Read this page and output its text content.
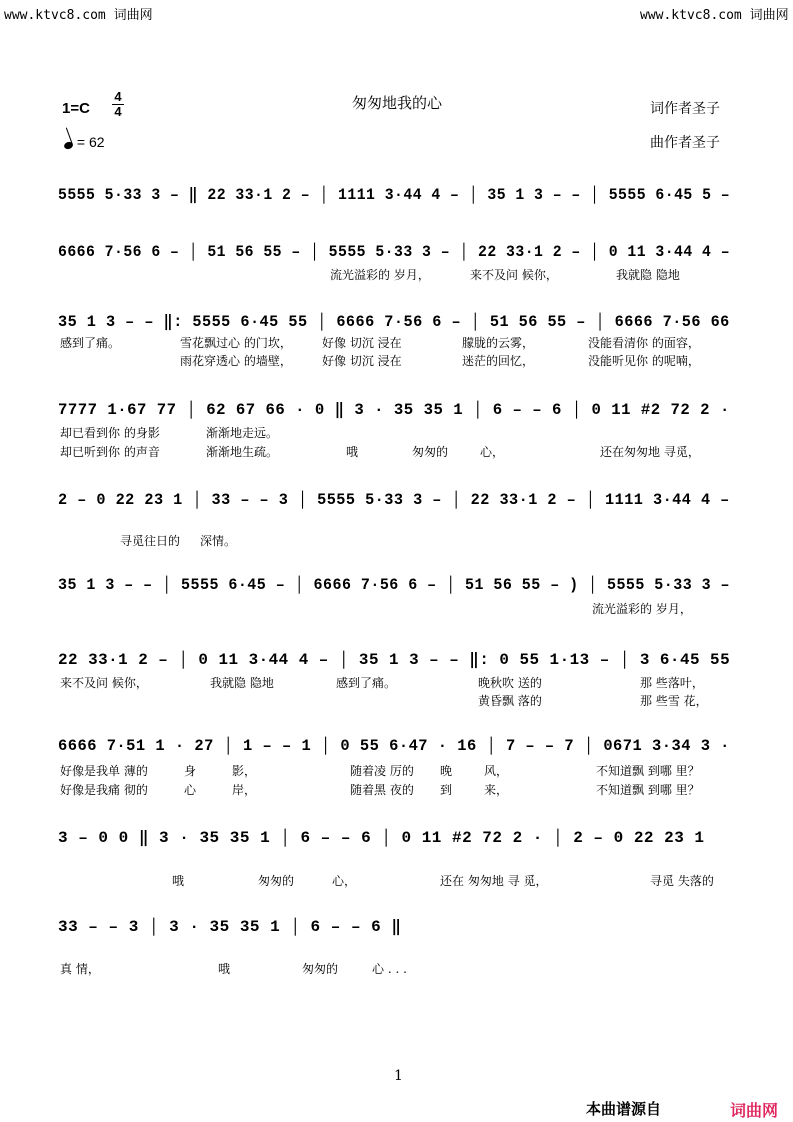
www.ktvc8.com 词曲网	www.ktvc8.com 词曲网
1=C
4
4	匆匆地我的心	词作者圣子
曲作者圣子
= 62
5555 5·33 3 – ‖ 22 33·1 2 – │ 1111 3·44 4 – │ 35 1 3 – – │ 5555 6·45 5 –
6666 7·56 6 – │ 51 56 55 – │ 5555 5·33 3 – │ 22 33·1 2 – │ 0 11 3·44 4 –
35 1 3 – – ‖: 5555 6·45 55 │ 6666 7·56 6 – │ 51 56 55 – │ 6666 7·56 66
7777 1·67 77 │ 62 67 66 · 0 ‖ 3 · 35 35 1 │ 6 – – 6 │ 0 11 #2 72 2 ·
2 – 0 22 23 1 │ 33 – – 3 │ 5555 5·33 3 – │ 22 33·1 2 – │ 1111 3·44 4 –
35 1 3 – – │ 5555 6·45 – │ 6666 7·56 6 – │ 51 56 55 – ) │ 5555 5·33 3 –
22 33·1 2 – │ 0 11 3·44 4 – │ 35 1 3 – – ‖: 0 55 1·13 – │ 3 6·45 55
6666 7·51 1 · 27 │ 1 – – 1 │ 0 55 6·47 · 16 │ 7 – – 7 │ 0671 3·34 3 ·
3 – 0 0 ‖ 3 · 35 35 1 │ 6 – – 6 │ 0 11 #2 72 2 · │ 2 – 0 22 23 1
33 – – 3 │ 3 · 35 35 1 │ 6 – – 6 ‖
流光溢彩的 岁月，	来不及问 候你，	我就隐 隐地
感到了痛。	雪花飘过心 的门坎，	好像 切沉 浸在	朦胧的云雾，	没能看清你 的面容，
雨花穿透心 的墙壁，	好像 切沉 浸在	迷茫的回忆，	没能听见你 的呢喃，
却已看到你 的身影	渐渐地走远。
却已听到你 的声音	渐渐地生疏。	哦	匆匆的	心，	还在匆匆地 寻觅，
寻觅往日的 深情。
流光溢彩的 岁月，
来不及问 候你，	我就隐 隐地	感到了痛。	晚秋吹 送的	那 些落叶，
黄昏飘 落的	那 些雪 花，
好像是我单 薄的	身	影，	随着凌 厉的 晚	风，	不知道飘 到哪 里？
好像是我痛 彻的	心	岸，	随着黑 夜的 到	来，	不知道飘 到哪 里？
哦	匆匆的	心，	还在 匆匆地 寻 觅，	寻觅 失落的
真 情，	哦	匆匆的	心 . . .
1
本曲谱源自	词曲网
